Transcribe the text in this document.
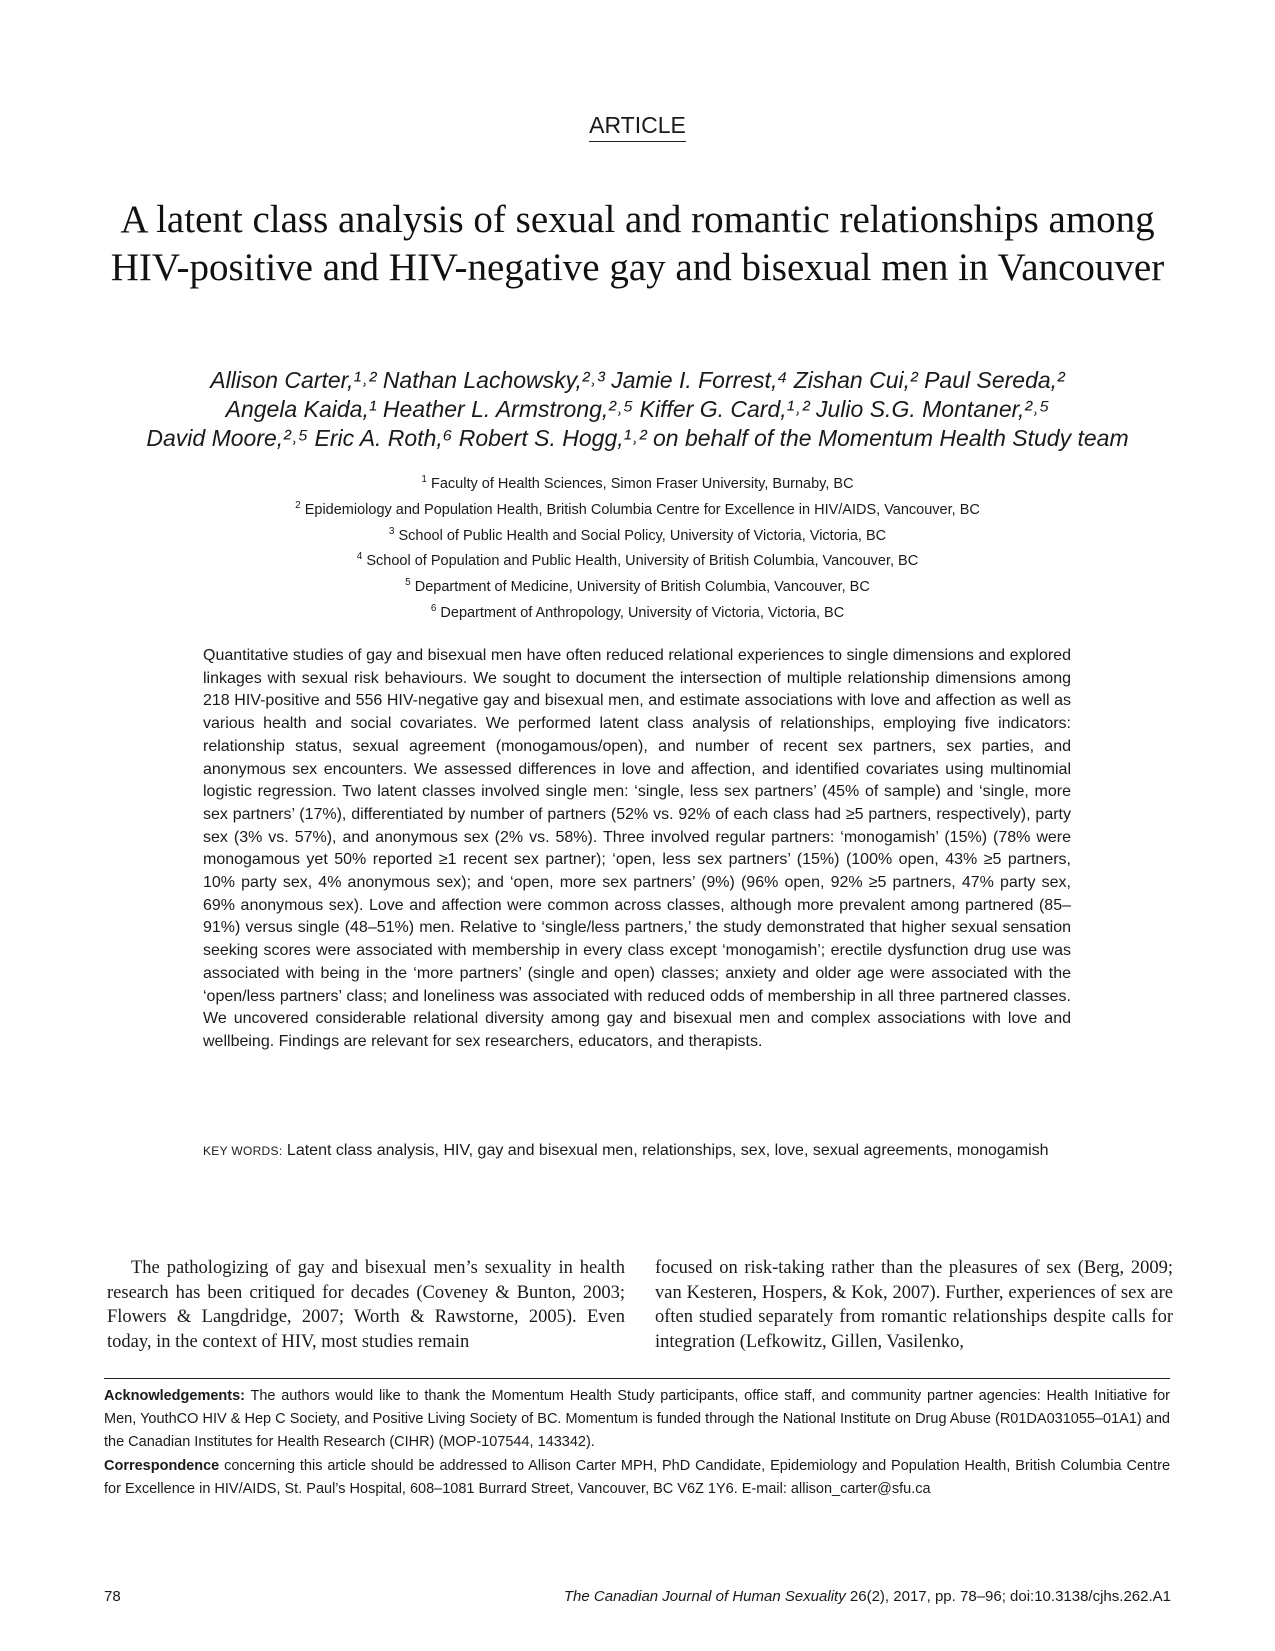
ARTICLE
A latent class analysis of sexual and romantic relationships among HIV-positive and HIV-negative gay and bisexual men in Vancouver
Allison Carter,¹˒² Nathan Lachowsky,²˒³ Jamie I. Forrest,⁴ Zishan Cui,² Paul Sereda,²
Angela Kaida,¹ Heather L. Armstrong,²˒⁵ Kiffer G. Card,¹˒² Julio S.G. Montaner,²˒⁵
David Moore,²˒⁵ Eric A. Roth,⁶ Robert S. Hogg,¹˒² on behalf of the Momentum Health Study team
$^1$ Faculty of Health Sciences, Simon Fraser University, Burnaby, BC
$^2$ Epidemiology and Population Health, British Columbia Centre for Excellence in HIV/AIDS, Vancouver, BC
$^3$ School of Public Health and Social Policy, University of Victoria, Victoria, BC
$^4$ School of Population and Public Health, University of British Columbia, Vancouver, BC
$^5$ Department of Medicine, University of British Columbia, Vancouver, BC
$^6$ Department of Anthropology, University of Victoria, Victoria, BC

Quantitative studies of gay and bisexual men have often reduced relational experiences to single dimensions and explored linkages with sexual risk behaviours. We sought to document the intersection of multiple relationship dimensions among 218 HIV-positive and 556 HIV-negative gay and bisexual men, and estimate associations with love and affection as well as various health and social covariates. We performed latent class analysis of relationships, employing five indicators: relationship status, sexual agreement (monogamous/open), and number of recent sex partners, sex parties, and anonymous sex encounters. We assessed differences in love and affection, and identified covariates using multinomial logistic regression. Two latent classes involved single men: ‘single, less sex partners’ (45% of sample) and ‘single, more sex partners’ (17%), differentiated by number of partners (52% vs. 92% of each class had ≥5 partners, respectively), party sex (3% vs. 57%), and anonymous sex (2% vs. 58%). Three involved regular partners: ‘monogamish’ (15%) (78% were monogamous yet 50% reported ≥1 recent sex partner); ‘open, less sex partners’ (15%) (100% open, 43% ≥5 partners, 10% party sex, 4% anonymous sex); and ‘open, more sex partners’ (9%) (96% open, 92% ≥5 partners, 47% party sex, 69% anonymous sex). Love and affection were common across classes, although more prevalent among partnered (85–91%) versus single (48–51%) men. Relative to ‘single/less partners,’ the study demonstrated that higher sexual sensation seeking scores were associated with membership in every class except ‘monogamish’; erectile dysfunction drug use was associated with being in the ‘more partners’ (single and open) classes; anxiety and older age were associated with the ‘open/less partners’ class; and loneliness was associated with reduced odds of membership in all three partnered classes. We uncovered considerable relational diversity among gay and bisexual men and complex associations with love and wellbeing. Findings are relevant for sex researchers, educators, and therapists.

KEY WORDS: Latent class analysis, HIV, gay and bisexual men, relationships, sex, love, sexual agreements, monogamish

The pathologizing of gay and bisexual men’s sexuality in health research has been critiqued for decades (Coveney & Bunton, 2003; Flowers & Langdridge, 2007; Worth & Rawstorne, 2005). Even today, in the context of HIV, most studies remain

focused on risk-taking rather than the pleasures of sex (Berg, 2009; van Kesteren, Hospers, & Kok, 2007). Further, experiences of sex are often studied separately from romantic relationships despite calls for integration (Lefkowitz, Gillen, Vasilenko,

Acknowledgements: The authors would like to thank the Momentum Health Study participants, office staff, and community partner agencies: Health Initiative for Men, YouthCO HIV & Hep C Society, and Positive Living Society of BC. Momentum is funded through the National Institute on Drug Abuse (R01DA031055–01A1) and the Canadian Institutes for Health Research (CIHR) (MOP-107544, 143342).

Correspondence concerning this article should be addressed to Allison Carter MPH, PhD Candidate, Epidemiology and Population Health, British Columbia Centre for Excellence in HIV/AIDS, St. Paul’s Hospital, 608–1081 Burrard Street, Vancouver, BC V6Z 1Y6. E-mail: allison_carter@sfu.ca

78	The Canadian Journal of Human Sexuality 26(2), 2017, pp. 78–96; doi:10.3138/cjhs.262.A1
